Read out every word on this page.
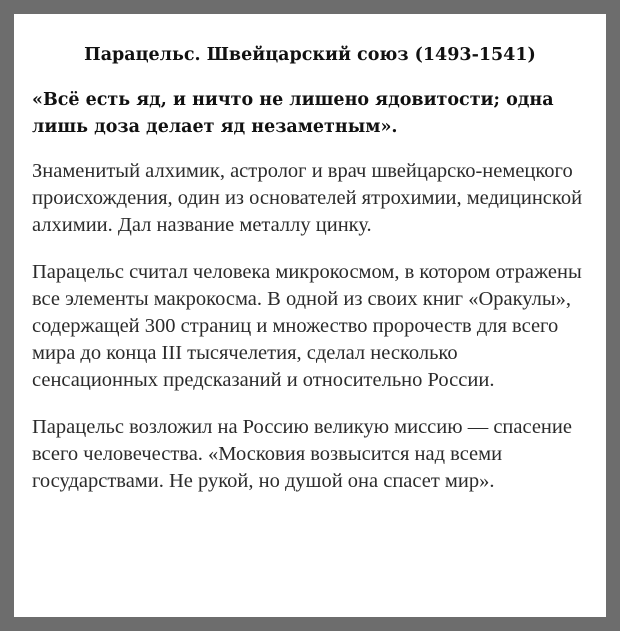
Парацельс. Швейцарский союз (1493-1541)
«Всё есть яд, и ничто не лишено ядовитости; одна лишь доза делает яд незаметным».

Знаменитый алхимик, астролог и врач швейцарско-немецкого происхождения, один из основателей ятрохимии, медицинской алхимии. Дал название металлу цинку.

Парацельс считал человека микрокосмом, в котором отражены все элементы макрокосма. В одной из своих книг «Оракулы», содержащей 300 страниц и множество пророчеств для всего мира до конца III тысячелетия, сделал несколько сенсационных предсказаний и относительно России.

Парацельс возложил на Россию великую миссию — спасение всего человечества. «Московия возвысится над всеми государствами. Не рукой, но душой она спасет мир».
